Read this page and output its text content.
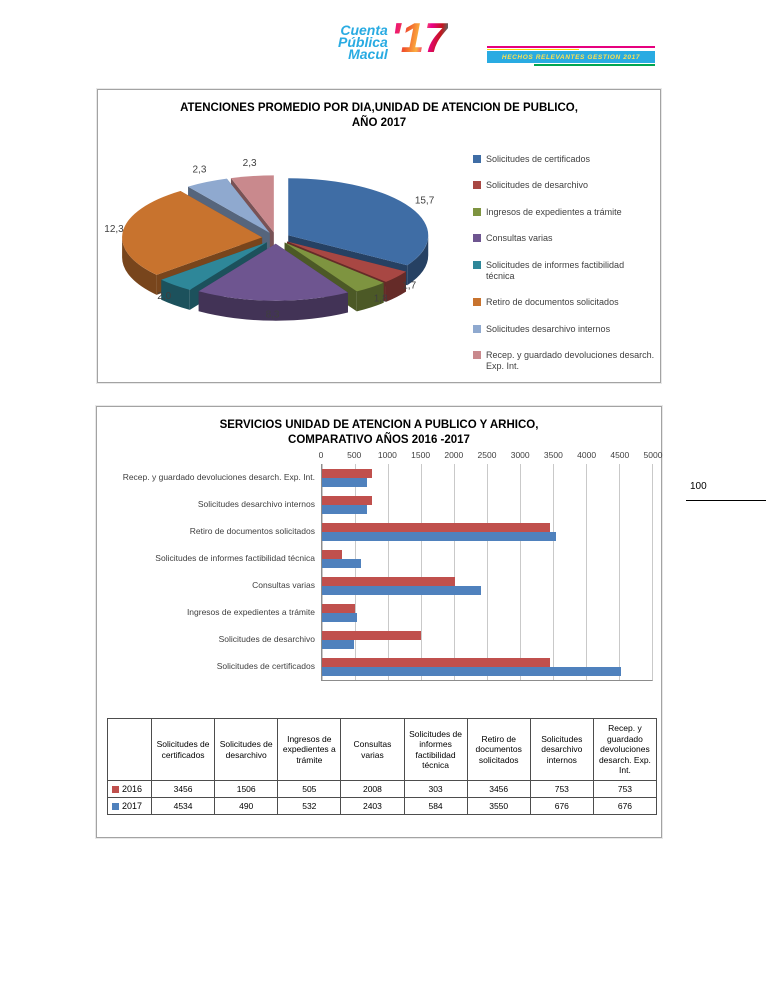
Cuenta
Pública
Macul '17	HECHOS RELEVANTES GESTION 2017
100
ATENCIONES PROMEDIO POR DIA,UNIDAD DE ATENCION DE PUBLICO,
AÑO 2017
15,7
1,7
1,8
8,3
2,0
12,3
2,3
2,3	Solicitudes de certificados
Solicitudes de desarchivo
Ingresos de expedientes a trámite
Consultas varias
Solicitudes de informes factibilidad técnica
Retiro de documentos solicitados
Solicitudes desarchivo internos
Recep. y guardado devoluciones desarch. Exp. Int.
SERVICIOS UNIDAD DE ATENCION A PUBLICO Y ARHICO,
COMPARATIVO AÑOS 2016 -2017
Recep. y guardado devoluciones desarch. Exp. Int.
Solicitudes desarchivo internos
Retiro de documentos solicitados
Solicitudes de informes factibilidad técnica
Consultas varias
Ingresos de expedientes a trámite
Solicitudes de desarchivo
Solicitudes de certificados
0	500 1000 1500 2000 2500 3000 3500 4000 4500 5000
	Solicitudes de certificados	Solicitudes de desarchivo	Ingresos de expedientes a trámite	Consultas varias	Solicitudes de informes factibilidad técnica	Retiro de documentos solicitados	Solicitudes desarchivo internos	Recep. y guardado devoluciones desarch. Exp. Int.
2016	3456	1506	505	2008	303	3456	753	753
2017	4534	490	532	2403	584	3550	676	676
